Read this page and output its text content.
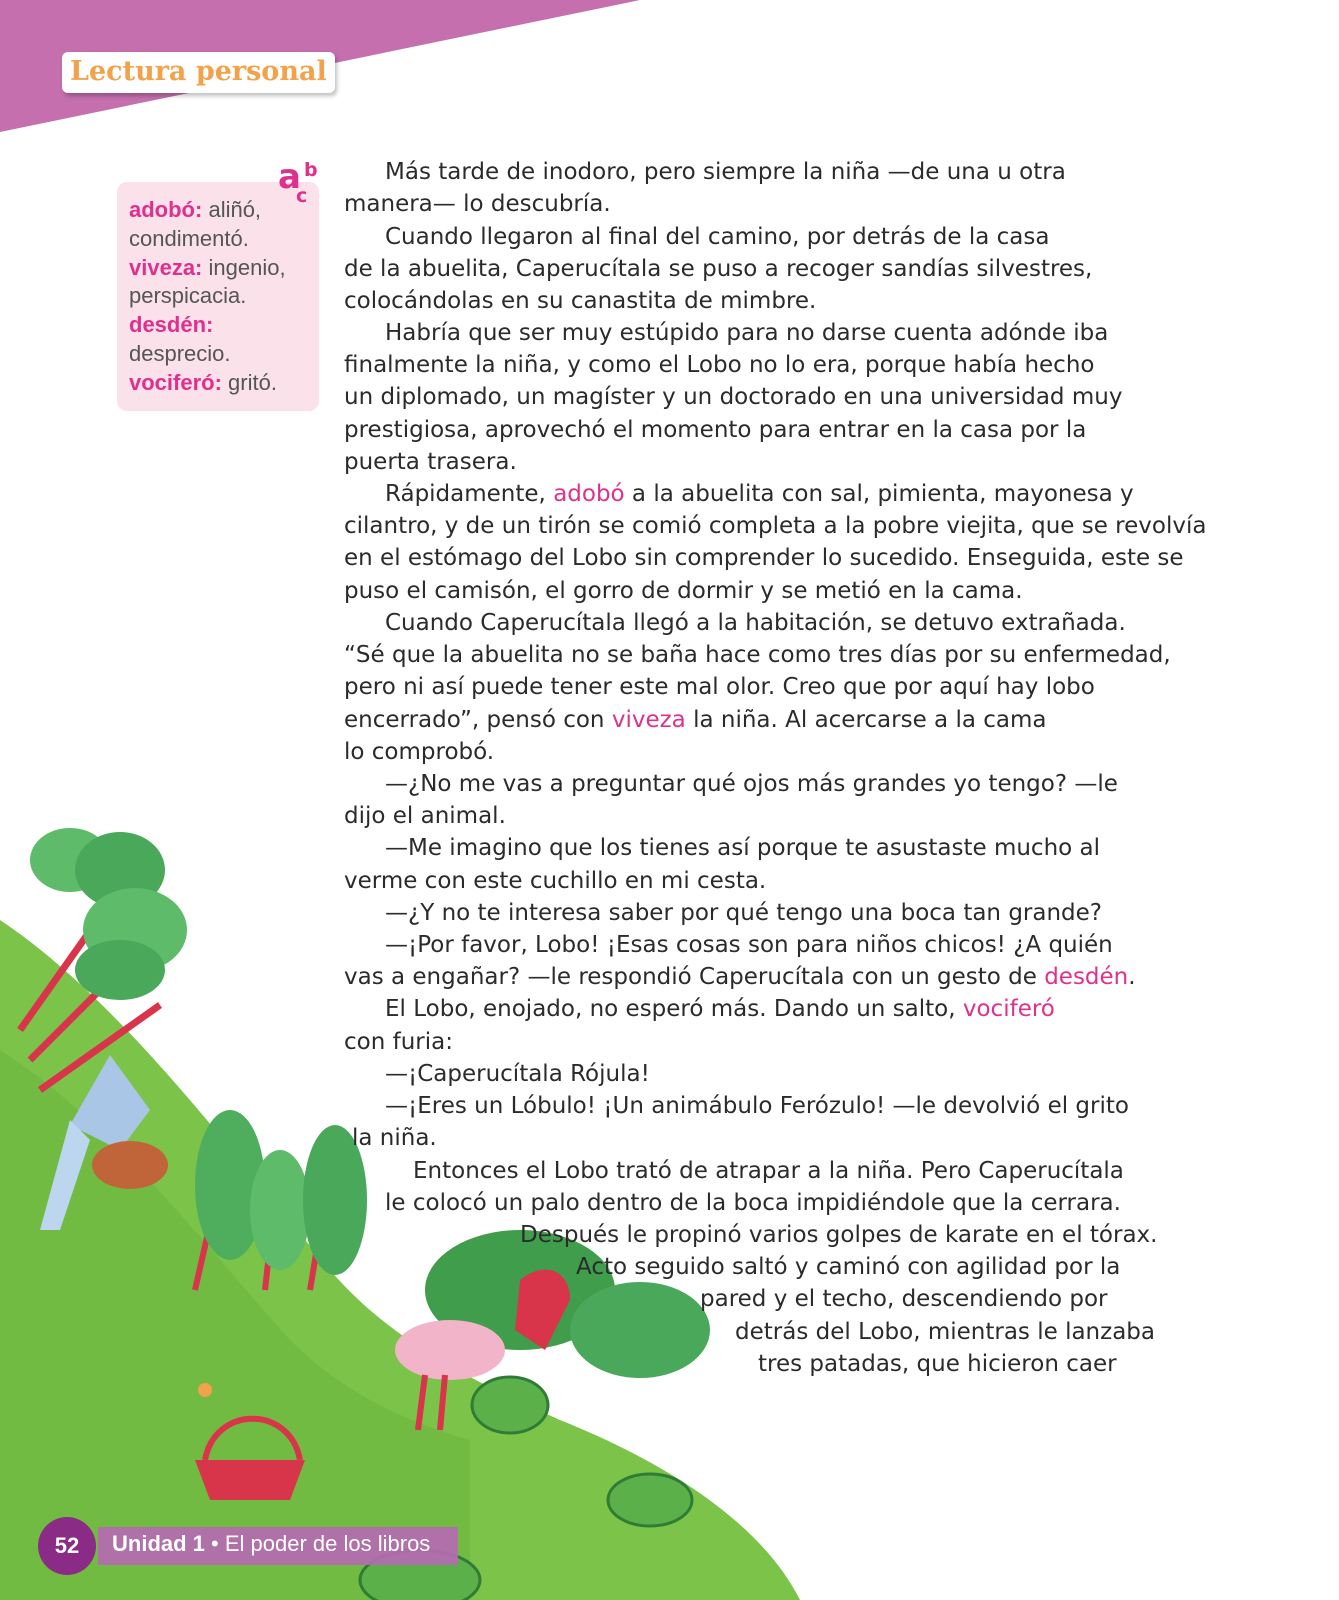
Lectura personal
a b
c
adobó: aliñó, condimentó.
viveza: ingenio, perspicacia.
desdén: desprecio.
vociferó: gritó.
Más tarde de inodoro, pero siempre la niña —de una u otra
manera— lo descubría.
Cuando llegaron al final del camino, por detrás de la casa
de la abuelita, Caperucítala se puso a recoger sandías silvestres,
colocándolas en su canastita de mimbre.
Habría que ser muy estúpido para no darse cuenta adónde iba
finalmente la niña, y como el Lobo no lo era, porque había hecho
un diplomado, un magíster y un doctorado en una universidad muy
prestigiosa, aprovechó el momento para entrar en la casa por la
puerta trasera.
Rápidamente, adobó a la abuelita con sal, pimienta, mayonesa y
cilantro, y de un tirón se comió completa a la pobre viejita, que se revolvía
en el estómago del Lobo sin comprender lo sucedido. Enseguida, este se
puso el camisón, el gorro de dormir y se metió en la cama.
Cuando Caperucítala llegó a la habitación, se detuvo extrañada.
“Sé que la abuelita no se baña hace como tres días por su enfermedad,
pero ni así puede tener este mal olor. Creo que por aquí hay lobo
encerrado”, pensó con viveza la niña. Al acercarse a la cama
lo comprobó.
—¿No me vas a preguntar qué ojos más grandes yo tengo? —le
dijo el animal.
—Me imagino que los tienes así porque te asustaste mucho al
verme con este cuchillo en mi cesta.
—¿Y no te interesa saber por qué tengo una boca tan grande?
—¡Por favor, Lobo! ¡Esas cosas son para niños chicos! ¿A quién
vas a engañar? —le respondió Caperucítala con un gesto de desdén.
El Lobo, enojado, no esperó más. Dando un salto, vociferó
con furia:
—¡Caperucítala Rójula!
—¡Eres un Lóbulo! ¡Un animábulo Ferózulo! —le devolvió el grito
la niña.
Entonces el Lobo trató de atrapar a la niña. Pero Caperucítala
le colocó un palo dentro de la boca impidiéndole que la cerrara.
Después le propinó varios golpes de karate en el tórax.
Acto seguido saltó y caminó con agilidad por la
pared y el techo, descendiendo por
detrás del Lobo, mientras le lanzaba
tres patadas, que hicieron caer
52	Unidad 1 • El poder de los libros
